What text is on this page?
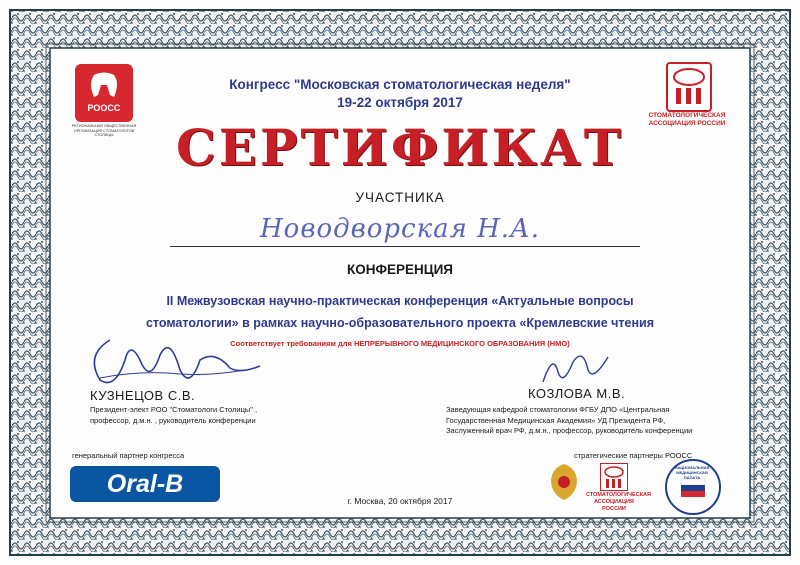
РООСС
РЕГИОНАЛЬНАЯ ОБЩЕСТВЕННАЯ ОРГАНИЗАЦИЯ СТОМАТОЛОГОВ СТОЛИЦЫ
СТОМАТОЛОГИЧЕСКАЯ АССОЦИАЦИЯ РОССИИ
Конгресс "Московская стоматологическая неделя"
19-22 октября 2017
СЕРТИФИКАТ
УЧАСТНИКА
Новодворская Н.А.
КОНФЕРЕНЦИЯ
II Межвузовская научно-практическая конференция «Актуальные вопросы
стоматологии» в рамках научно-образовательного проекта «Кремлевские чтения
Соответствует требованиям для НЕПРЕРЫВНОГО МЕДИЦИНСКОГО ОБРАЗОВАНИЯ (НМО)
КУЗНЕЦОВ С.В.
Президент-элект РОО "Стоматологи Столицы" ,
профессор, д.м.н. , руководитель конференции
КОЗЛОВА М.В.
Заведующая кафедрой стоматологии ФГБУ ДПО «Центральная
Государственная Медицинская Академия» УД Президента РФ,
Заслуженный врач РФ, д.м.н., профессор, руководитель конференции
генеральный партнер конгресса
Oral-B
г. Москва, 20 октября 2017
стратегические партнеры РООСС
СТОМАТОЛОГИЧЕСКАЯ АССОЦИАЦИЯ РОССИИ
НАЦИОНАЛЬНАЯ МЕДИЦИНСКАЯ ПАЛАТА
